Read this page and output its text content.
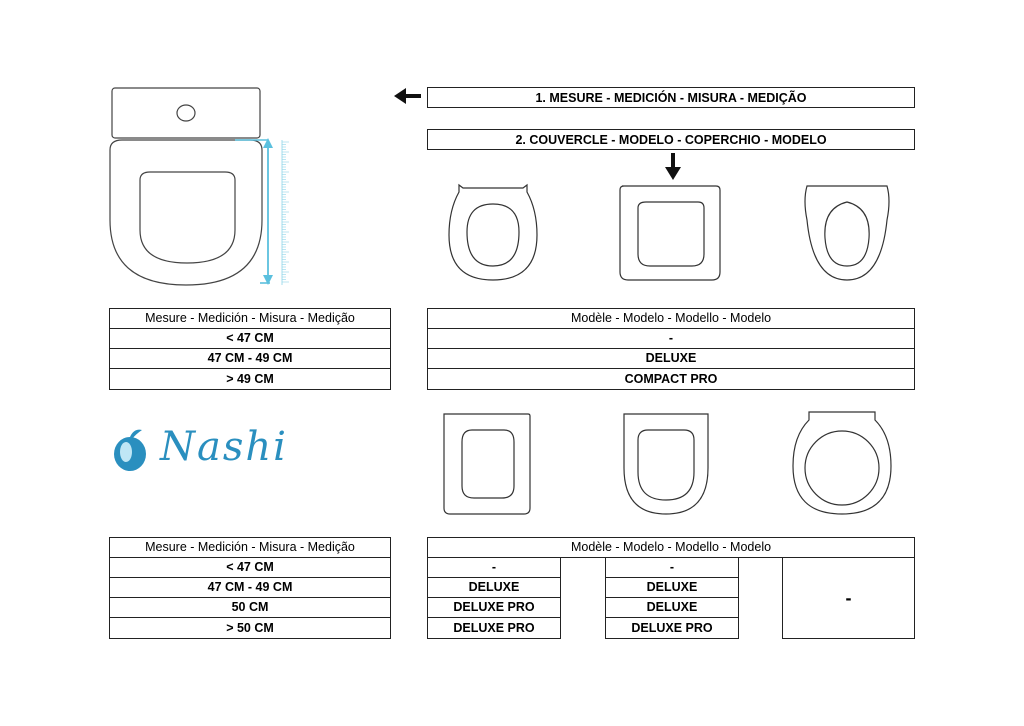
1. MESURE - MEDICIÓN - MISURA - MEDIÇÃO
2. COUVERCLE - MODELO - COPERCHIO - MODELO
Mesure - Medición - Misura - Medição
< 47 CM
47 CM - 49 CM
> 49 CM
Modèle - Modelo - Modello - Modelo
-
DELUXE
COMPACT PRO
Nashi
Mesure - Medición - Misura - Medição
< 47 CM
47 CM - 49 CM
50 CM
> 50 CM
Modèle - Modelo - Modello - Modelo
-
DELUXE
DELUXE PRO
DELUXE PRO
-
DELUXE
DELUXE
DELUXE PRO
-
